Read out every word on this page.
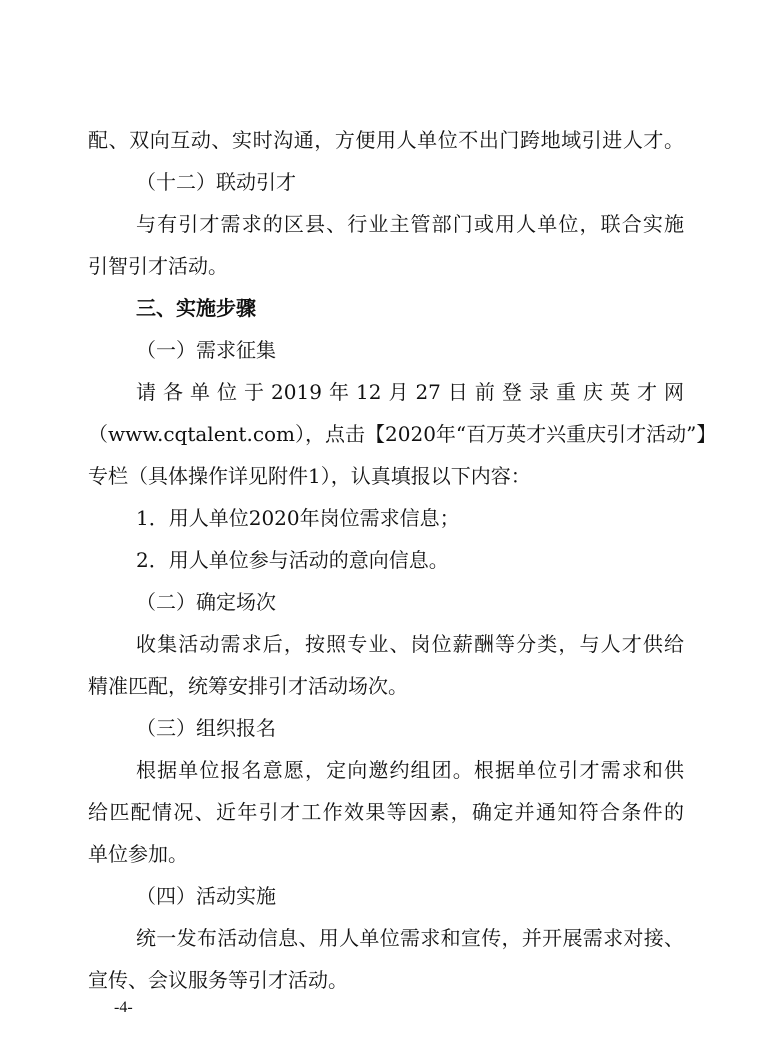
配、双向互动、实时沟通，方便用人单位不出门跨地域引进人才。
（十二）联动引才
与有引才需求的区县、行业主管部门或用人单位，联合实施
引智引才活动。
三、实施步骤
（一）需求征集
请各单位于2019年12月27日前登录重庆英才网
（www.cqtalent.com），点击【2020年“百万英才兴重庆引才活动”】
专栏（具体操作详见附件1），认真填报以下内容：
1．用人单位2020年岗位需求信息；
2．用人单位参与活动的意向信息。
（二）确定场次
收集活动需求后，按照专业、岗位薪酬等分类，与人才供给
精准匹配，统筹安排引才活动场次。
（三）组织报名
根据单位报名意愿，定向邀约组团。根据单位引才需求和供
给匹配情况、近年引才工作效果等因素，确定并通知符合条件的
单位参加。
（四）活动实施
统一发布活动信息、用人单位需求和宣传，并开展需求对接、
宣传、会议服务等引才活动。
-4-
